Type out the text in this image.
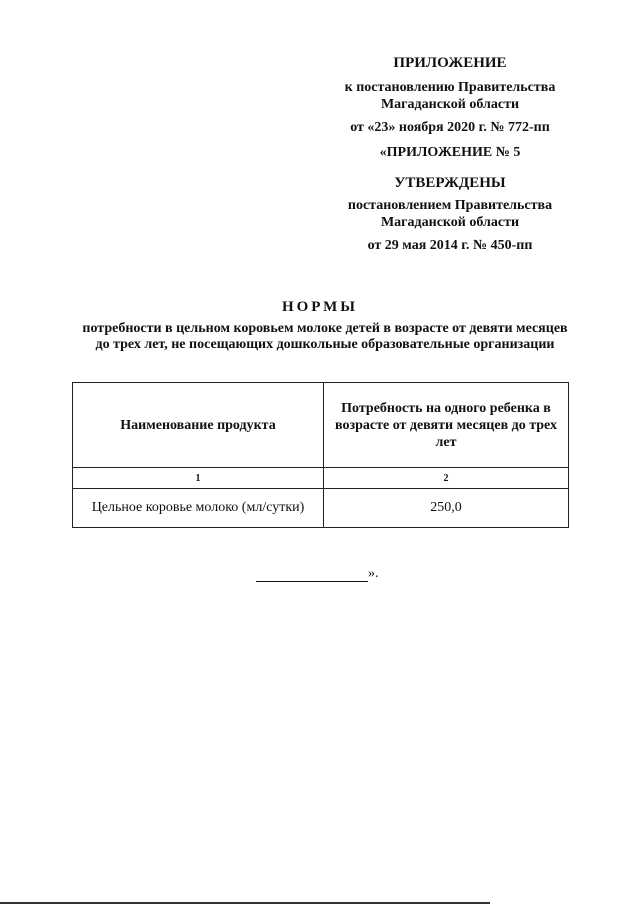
ПРИЛОЖЕНИЕ
к постановлению Правительства
Магаданской области
от «23» ноября 2020 г. № 772-пп
«ПРИЛОЖЕНИЕ № 5
УТВЕРЖДЕНЫ
постановлением Правительства
Магаданской области
от 29 мая 2014 г. № 450-пп
НОРМЫ
потребности в цельном коровьем молоке детей в возрасте от девяти месяцев до трех лет, не посещающих дошкольные образовательные организации
Наименование продукта	Потребность на одного ребенка в возрасте от девяти месяцев до трех лет
1	2
Цельное коровье молоко (мл/сутки)	250,0
».
